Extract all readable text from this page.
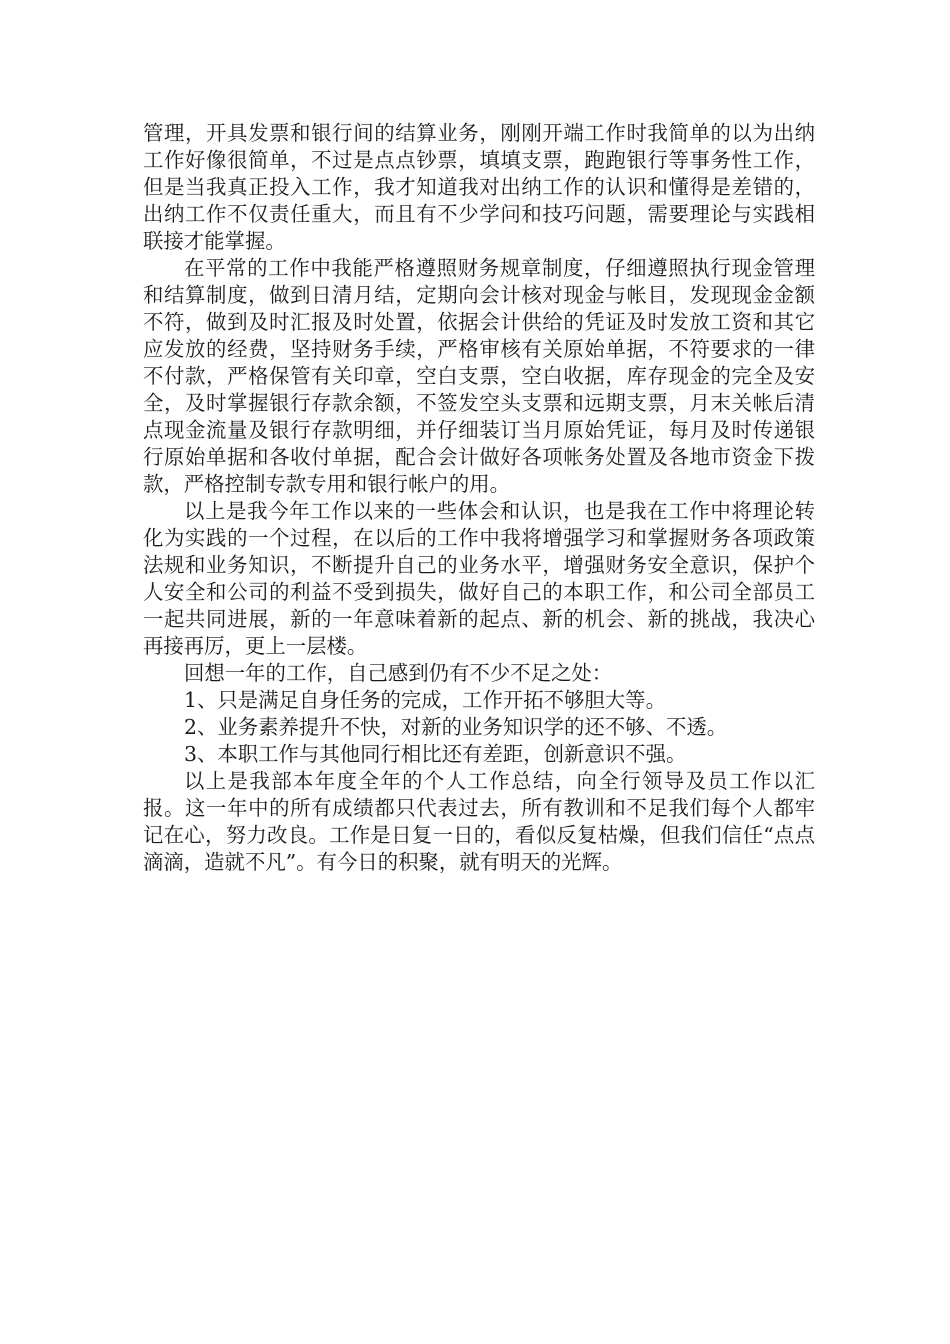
管理，开具发票和银行间的结算业务，刚刚开端工作时我简单的以为出纳工作好像很简单，不过是点点钞票，填填支票，跑跑银行等事务性工作，但是当我真正投入工作，我才知道我对出纳工作的认识和懂得是差错的，出纳工作不仅责任重大，而且有不少学问和技巧问题，需要理论与实践相联接才能掌握。

在平常的工作中我能严格遵照财务规章制度，仔细遵照执行现金管理和结算制度，做到日清月结，定期向会计核对现金与帐目，发现现金金额不符，做到及时汇报及时处置，依据会计供给的凭证及时发放工资和其它应发放的经费，坚持财务手续，严格审核有关原始单据，不符要求的一律不付款，严格保管有关印章，空白支票，空白收据，库存现金的完全及安全，及时掌握银行存款余额，不签发空头支票和远期支票，月末关帐后清点现金流量及银行存款明细，并仔细装订当月原始凭证，每月及时传递银行原始单据和各收付单据，配合会计做好各项帐务处置及各地市资金下拨款，严格控制专款专用和银行帐户的用。

以上是我今年工作以来的一些体会和认识，也是我在工作中将理论转化为实践的一个过程，在以后的工作中我将增强学习和掌握财务各项政策法规和业务知识，不断提升自己的业务水平，增强财务安全意识，保护个人安全和公司的利益不受到损失，做好自己的本职工作，和公司全部员工一起共同进展，新的一年意味着新的起点、新的机会、新的挑战，我决心再接再厉，更上一层楼。

回想一年的工作，自己感到仍有不少不足之处：

1、只是满足自身任务的完成，工作开拓不够胆大等。

2、业务素养提升不快，对新的业务知识学的还不够、不透。

3、本职工作与其他同行相比还有差距，创新意识不强。

以上是我部本年度全年的个人工作总结，向全行领导及员工作以汇报。这一年中的所有成绩都只代表过去，所有教训和不足我们每个人都牢记在心，努力改良。工作是日复一日的，看似反复枯燥，但我们信任“点点滴滴，造就不凡”。有今日的积聚，就有明天的光辉。
